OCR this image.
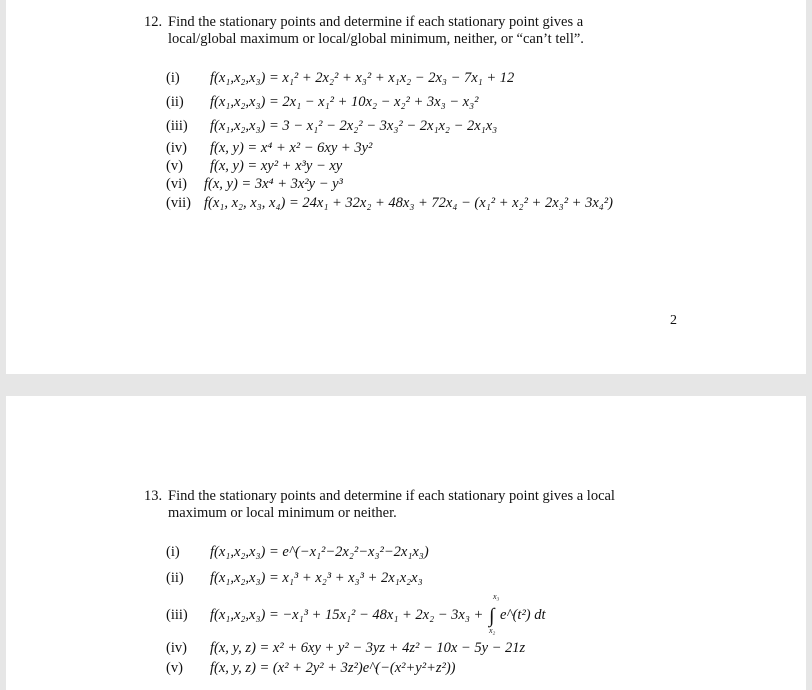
12. Find the stationary points and determine if each stationary point gives a
local/global maximum or local/global minimum, neither, or “can’t tell”.
(i) f(x₁,x₂,x₃) = x₁² + 2x₂² + x₃² + x₁x₂ − 2x₃ − 7x₁ + 12
(ii) f(x₁,x₂,x₃) = 2x₁ − x₁² + 10x₂ − x₂² + 3x₃ − x₃²
(iii) f(x₁,x₂,x₃) = 3 − x₁² − 2x₂² − 3x₃² − 2x₁x₂ − 2x₁x₃
(iv) f(x, y) = x⁴ + x² − 6xy + 3y²
(v) f(x, y) = xy² + x³y − xy
(vi) f(x, y) = 3x⁴ + 3x²y − y³
(vii) f(x₁, x₂, x₃, x₄) = 24x₁ + 32x₂ + 48x₃ + 72x₄ − (x₁² + x₂² + 2x₃² + 3x₄²)
2
13. Find the stationary points and determine if each stationary point gives a local
maximum or local minimum or neither.
(i) f(x₁,x₂,x₃) = e^(−x₁²−2x₂²−x₃²−2x₁x₃)
(ii) f(x₁,x₂,x₃) = x₁³ + x₂³ + x₃³ + 2x₁x₂x₃
(iii) f(x₁,x₂,x₃) = −x₁³ + 15x₁² − 48x₁ + 2x₂ − 3x₃ +
x₃
∫
x₂
e^(t²) dt
(iv) f(x, y, z) = x² + 6xy + y² − 3yz + 4z² − 10x − 5y − 21z
(v) f(x, y, z) = (x² + 2y² + 3z²)e^(−(x²+y²+z²))
